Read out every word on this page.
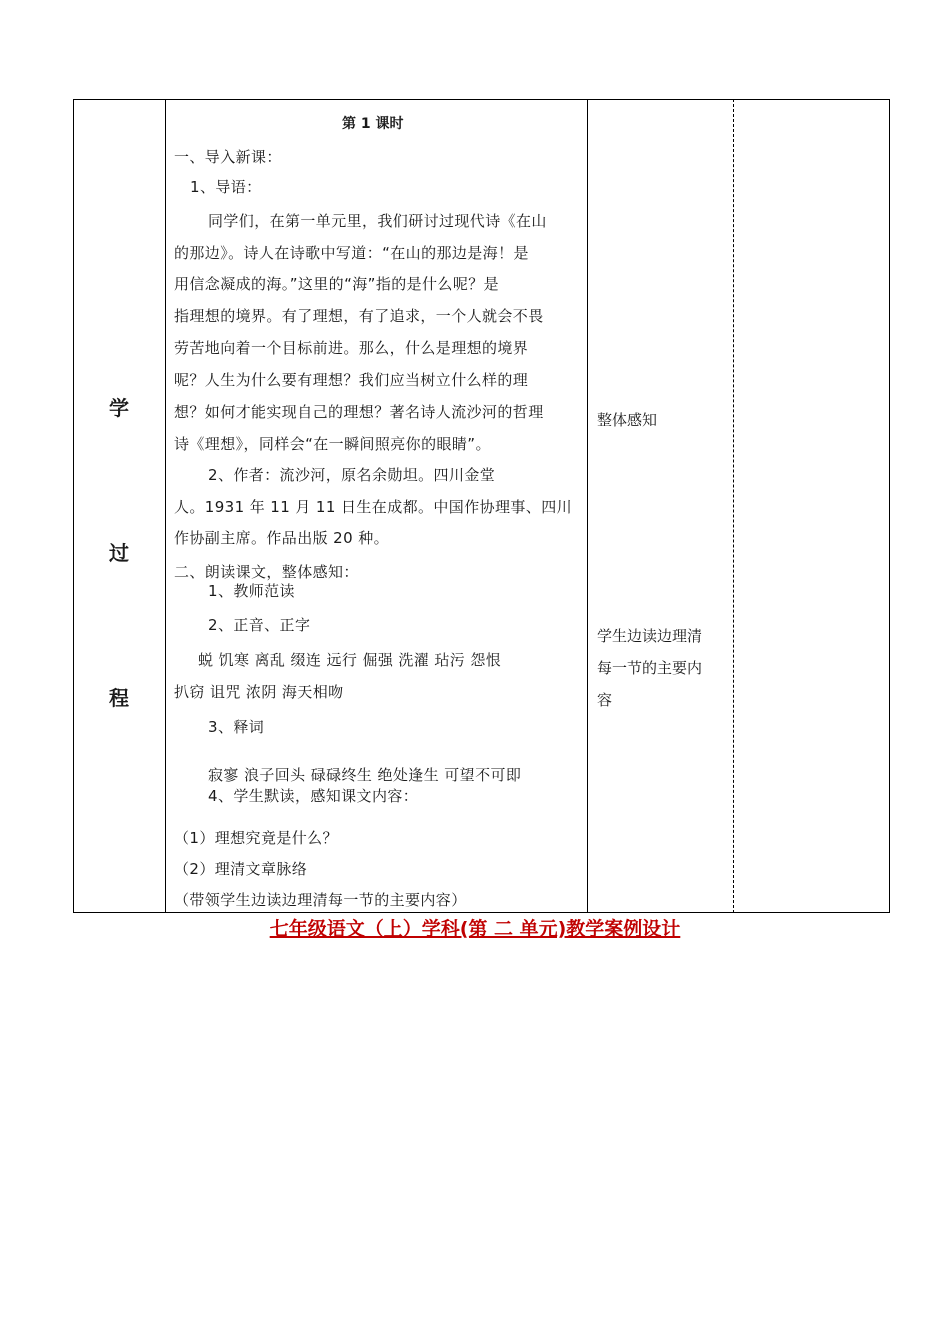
学
过
程
第 1 课时
一、导入新课：
1、导语：
同学们，在第一单元里，我们研讨过现代诗《在山
的那边》。诗人在诗歌中写道：“在山的那边是海！是
用信念凝成的海。”这里的“海”指的是什么呢？是
指理想的境界。有了理想，有了追求，一个人就会不畏
劳苦地向着一个目标前进。那么，什么是理想的境界
呢？人生为什么要有理想？我们应当树立什么样的理
想？如何才能实现自己的理想？著名诗人流沙河的哲理
诗《理想》，同样会“在一瞬间照亮你的眼睛”。
2、作者：流沙河，原名余勋坦。四川金堂
人。1931 年 11 月 11 日生在成都。中国作协理事、四川
作协副主席。作品出版 20 种。
二、朗读课文，整体感知：
1、教师范读
2、正音、正字
蜕 饥寒 离乱 缀连 远行 倔强 洗濯 玷污 怨恨
扒窃 诅咒 浓阴 海天相吻
3、释词
寂寥 浪子回头 碌碌终生 绝处逢生 可望不可即
4、学生默读，感知课文内容：
（1）理想究竟是什么？
（2）理清文章脉络
（带领学生边读边理清每一节的主要内容）
整体感知
学生边读边理清
每一节的主要内
容
七年级语文（上）学科(第 二 单元)教学案例设计
